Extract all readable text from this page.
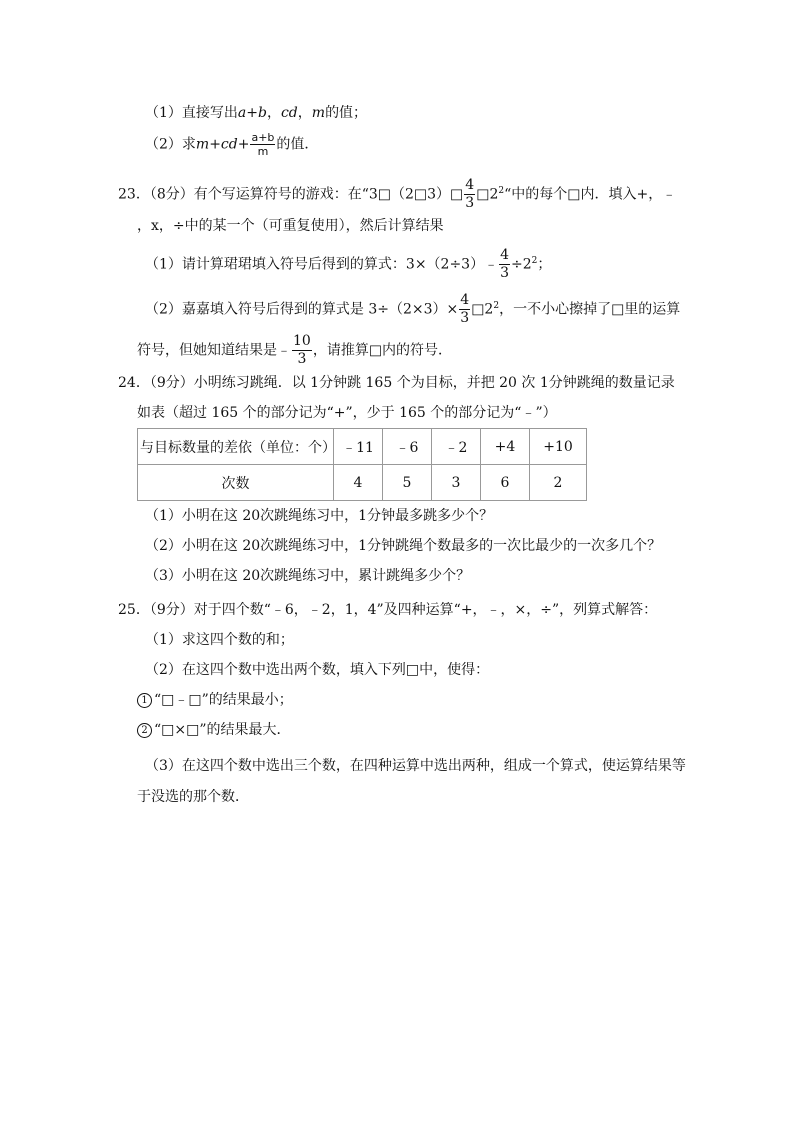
（1）直接写出a+b，cd，m的值；
（2）求$m+cd+ \frac{a+b}{m}$ 的值．
23．（8分）有个写运算符号的游戏：在“3□（2□3）□ $\frac{4}{3}$ $□2^2“$中的每个□内．填入+，﹣
，x，÷中的某一个（可重复使用），然后计算结果
（1）请计算珺珺填入符号后得到的算式：3×（2÷3）﹣ $\frac{4}{3} \div 2^2$；
（2）嘉嘉填入符号后得到的算式是 $3\div(2\times 3)\times \frac{4}{3}$ $□2^2$，一不小心擦掉了□里的运算
符号，但她知道结果是﹣ $\frac{10}{3}$ ，请推算□内的符号．
24．（9分）小明练习跳绳．以 1分钟跳 165 个为目标，并把 20 次 1分钟跳绳的数量记录
如表（超过 165 个的部分记为“+”，少于 165 个的部分记为“﹣”）
与目标数量的差依（单位：个）	﹣11	﹣6	﹣2	+4	+10
次数	4	5	3	6	2
（1）小明在这 20次跳绳练习中，1分钟最多跳多少个？
（2）小明在这 20次跳绳练习中，1分钟跳绳个数最多的一次比最少的一次多几个？
（3）小明在这 20次跳绳练习中，累计跳绳多少个？
25．（9分）对于四个数“﹣6，﹣2，1，4”及四种运算“+，﹣，×，÷”，列算式解答：
（1）求这四个数的和；
（2）在这四个数中选出两个数，填入下列□中，使得：
1 “□﹣□”的结果最小；
2 “□×□”的结果最大．
（3）在这四个数中选出三个数，在四种运算中选出两种，组成一个算式，使运算结果等
于没选的那个数．
